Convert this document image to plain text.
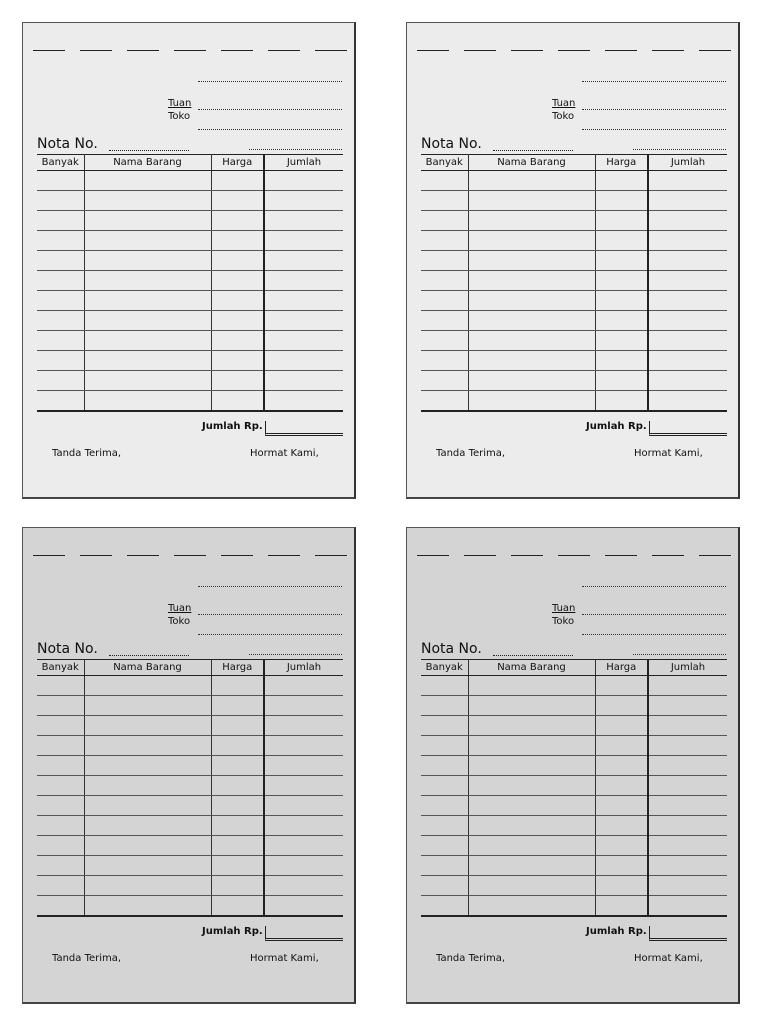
Tuan
Toko
Nota No.
Banyak	Nama Barang	Harga	Jumlah

Jumlah Rp.
Tanda Terima,	Hormat Kami,
Tuan
Toko
Nota No.
Banyak	Nama Barang	Harga	Jumlah

Jumlah Rp.
Tanda Terima,	Hormat Kami,
Tuan
Toko
Nota No.
Banyak	Nama Barang	Harga	Jumlah

Jumlah Rp.
Tanda Terima,	Hormat Kami,
Tuan
Toko
Nota No.
Banyak	Nama Barang	Harga	Jumlah

Jumlah Rp.
Tanda Terima,	Hormat Kami,
